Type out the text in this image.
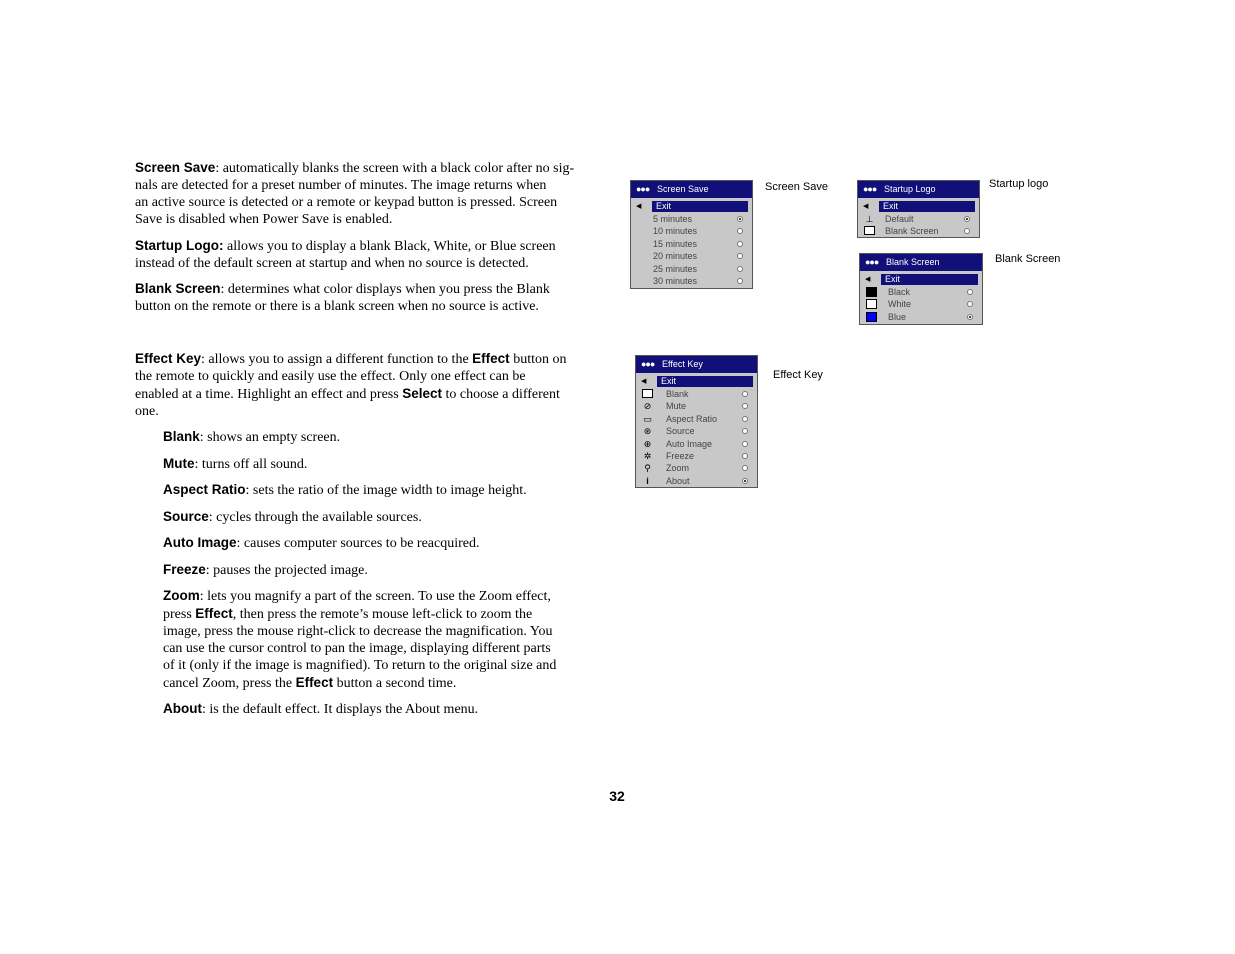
Screen Save: automatically blanks the screen with a black color after no sig-

nals are detected for a preset number of minutes. The image returns when

an active source is detected or a remote or keypad button is pressed. Screen

Save is disabled when Power Save is enabled.

Startup Logo: allows you to display a blank Black, White, or Blue screen

instead of the default screen at startup and when no source is detected.

Blank Screen: determines what color displays when you press the Blank

button on the remote or there is a blank screen when no source is active.

Effect Key: allows you to assign a different function to the Effect button on

the remote to quickly and easily use the effect. Only one effect can be

enabled at a time. Highlight an effect and press Select to choose a different

one.

Blank: shows an empty screen.
Mute: turns off all sound.
Aspect Ratio: sets the ratio of the image width to image height.
Source: cycles through the available sources.
Auto Image: causes computer sources to be reacquired.
Freeze: pauses the projected image.

Zoom: lets you magnify a part of the screen. To use the Zoom effect,

press Effect, then press the remote’s mouse left-click to zoom the

image, press the mouse right-click to decrease the magnification. You

can use the cursor control to pan the image, displaying different parts

of it (only if the image is magnified). To return to the original size and

cancel Zoom, press the Effect button a second time.

About: is the default effect. It displays the About menu.
●●● Screen Save
◀	Exit
5 minutes
10 minutes
15 minutes
20 minutes
25 minutes
30 minutes
Screen Save	●●● Startup Logo
◀	Exit
⊥ Default
Blank Screen
Startup logo
●●● Blank Screen
◀	Exit
Black
White
Blue
Blank Screen
●●● Effect Key
◀	Exit
Blank
⊘ Mute
▭ Aspect Ratio
⊛ Source
⊕ Auto Image
✲ Freeze
⚲ Zoom
i	About
Effect Key
32
